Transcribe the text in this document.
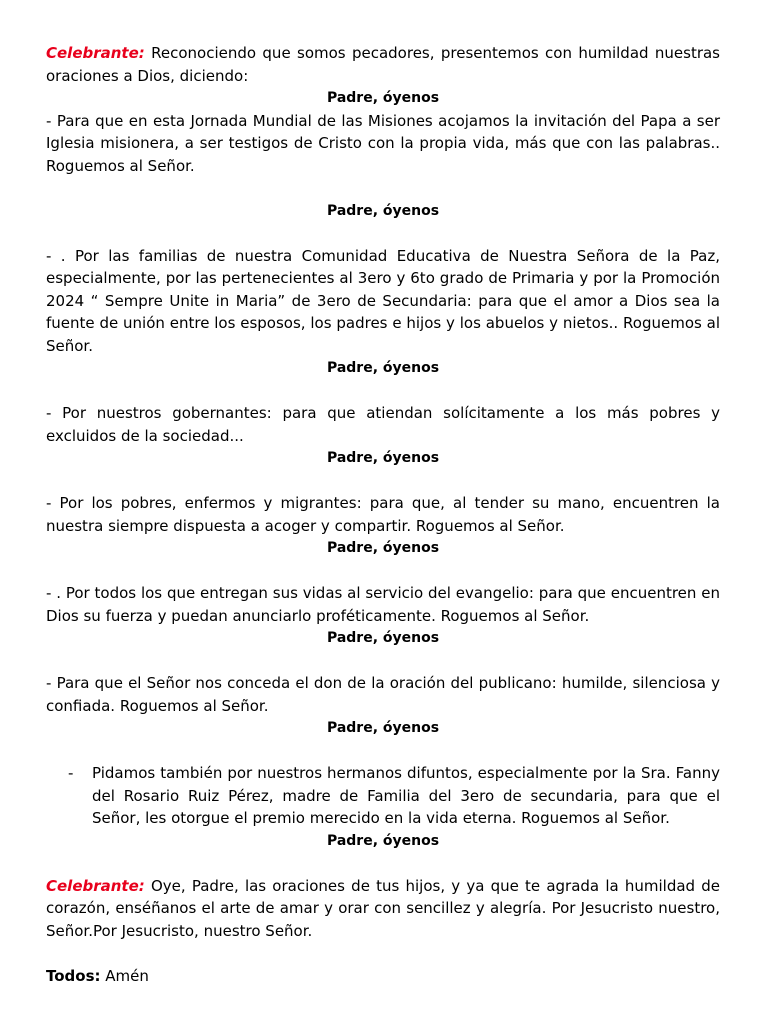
Celebrante: Reconociendo que somos pecadores, presentemos con humildad nuestras oraciones a Dios, diciendo:

Padre, óyenos

- Para que en esta Jornada Mundial de las Misiones acojamos la invitación del Papa a ser Iglesia misionera, a ser testigos de Cristo con la propia vida, más que con las palabras.. Roguemos al Señor.

Padre, óyenos

- . Por las familias de nuestra Comunidad Educativa de Nuestra Señora de la Paz, especialmente, por las pertenecientes al 3ero y 6to grado de Primaria y por la Promoción 2024 “ Sempre Unite in Maria” de 3ero de Secundaria: para que el amor a Dios sea la fuente de unión entre los esposos, los padres e hijos y los abuelos y nietos.. Roguemos al Señor.

Padre, óyenos

- Por nuestros gobernantes: para que atiendan solícitamente a los más pobres y excluidos de la sociedad...

Padre, óyenos

- Por los pobres, enfermos y migrantes: para que, al tender su mano, encuentren la nuestra siempre dispuesta a acoger y compartir. Roguemos al Señor.

Padre, óyenos

- . Por todos los que entregan sus vidas al servicio del evangelio: para que encuentren en Dios su fuerza y puedan anunciarlo proféticamente. Roguemos al Señor.

Padre, óyenos

- Para que el Señor nos conceda el don de la oración del publicano: humilde, silenciosa y confiada. Roguemos al Señor.

Padre, óyenos
- Pidamos también por nuestros hermanos difuntos, especialmente por la Sra. Fanny del Rosario Ruiz Pérez, madre de Familia del 3ero de secundaria, para que el Señor, les otorgue el premio merecido en la vida eterna. Roguemos al Señor.
Padre, óyenos

Celebrante: Oye, Padre, las oraciones de tus hijos, y ya que te agrada la humildad de corazón, enséñanos el arte de amar y orar con sencillez y alegría. Por Jesucristo nuestro, Señor.Por Jesucristo, nuestro Señor.

Todos: Amén
